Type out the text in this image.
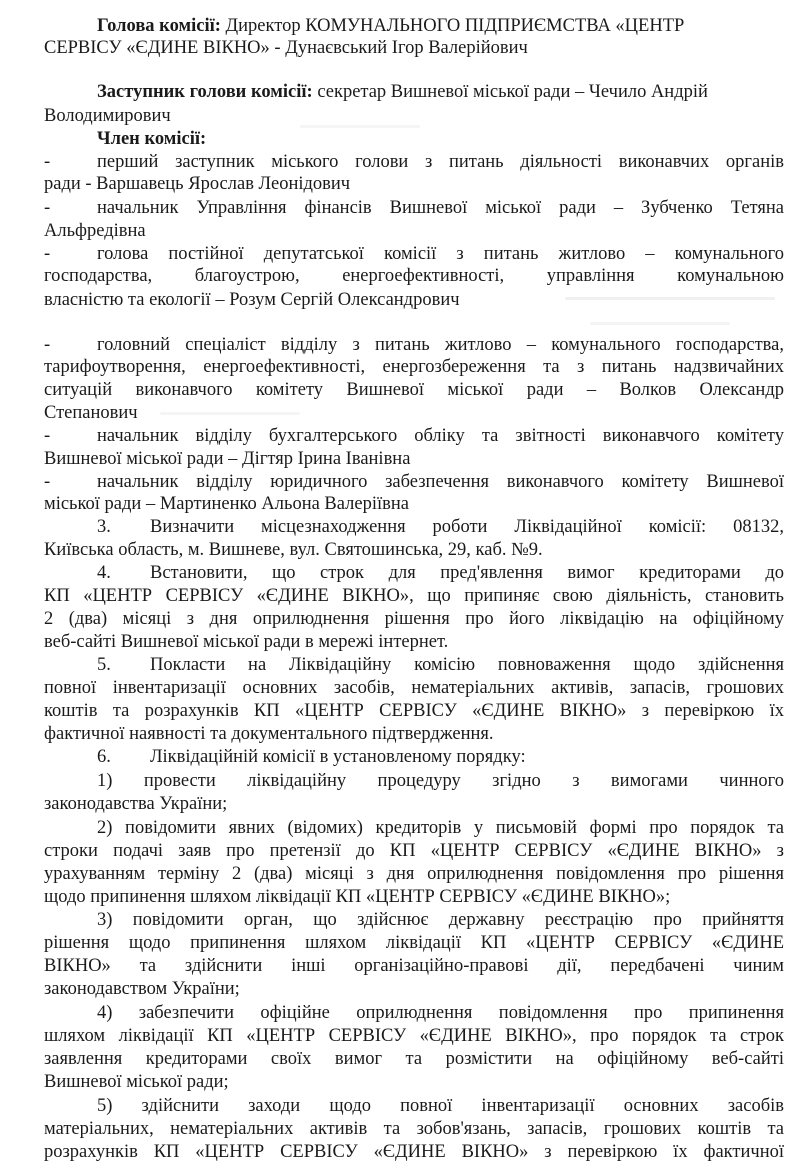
Голова комісії: Директор КОМУНАЛЬНОГО ПІДПРИЄМСТВА «ЦЕНТР
СЕРВІСУ «ЄДИНЕ ВІКНО» - Дунаєвський Ігор Валерійович
Заступник голови комісії: секретар Вишневої міської ради – Чечило Андрій
Володимирович
Член комісії:
-	перший заступник міського голови з питань діяльності виконавчих органів
ради - Варшавець Ярослав Леонідович
-	начальник Управління фінансів Вишневої міської ради – Зубченко Тетяна
Альфредівна
-	голова постійної депутатської комісії з питань житлово – комунального
господарства, благоустрою, енергоефективності, управління комунальною
власністю та екології – Розум Сергій Олександрович
-	головний спеціаліст відділу з питань житлово – комунального господарства,
тарифоутворення, енергоефективності, енергозбереження та з питань надзвичайних
ситуацій виконавчого комітету Вишневої міської ради – Волков Олександр
Степанович
-	начальник відділу бухгалтерського обліку та звітності виконавчого комітету
Вишневої міської ради – Дігтяр Ірина Іванівна
-	начальник відділу юридичного забезпечення виконавчого комітету Вишневої
міської ради – Мартиненко Альона Валеріївна
3. Визначити місцезнаходження роботи Ліквідаційної комісії: 08132,
Київська область, м. Вишневе, вул. Святошинська, 29, каб. №9.
4. Встановити, що строк для пред'явлення вимог кредиторами до
КП «ЦЕНТР СЕРВІСУ «ЄДИНЕ ВІКНО», що припиняє свою діяльність, становить
2 (два) місяці з дня оприлюднення рішення про його ліквідацію на офіційному
веб-сайті Вишневої міської ради в мережі інтернет.
5. Покласти на Ліквідаційну комісію повноваження щодо здійснення
повної інвентаризації основних засобів, нематеріальних активів, запасів, грошових
коштів та розрахунків КП «ЦЕНТР СЕРВІСУ «ЄДИНЕ ВІКНО» з перевіркою їх
фактичної наявності та документального підтвердження.
6. Ліквідаційній комісії в установленому порядку:
1) провести ліквідаційну процедуру згідно з вимогами чинного
законодавства України;
2) повідомити явних (відомих) кредиторів у письмовій формі про порядок та
строки подачі заяв про претензії до КП «ЦЕНТР СЕРВІСУ «ЄДИНЕ ВІКНО» з
урахуванням терміну 2 (два) місяці з дня оприлюднення повідомлення про рішення
щодо припинення шляхом ліквідації КП «ЦЕНТР СЕРВІСУ «ЄДИНЕ ВІКНО»;
3) повідомити орган, що здійснює державну реєстрацію про прийняття
рішення щодо припинення шляхом ліквідації КП «ЦЕНТР СЕРВІСУ «ЄДИНЕ
ВІКНО» та здійснити інші організаційно-правові дії, передбачені чиним
законодавством України;
4) забезпечити офіційне оприлюднення повідомлення про припинення
шляхом ліквідації КП «ЦЕНТР СЕРВІСУ «ЄДИНЕ ВІКНО», про порядок та строк
заявлення кредиторами своїх вимог та розмістити на офіційному веб-сайті
Вишневої міської ради;
5) здійснити заходи щодо повної інвентаризації основних засобів
матеріальних, нематеріальних активів та зобов'язань, запасів, грошових коштів та
розрахунків КП «ЦЕНТР СЕРВІСУ «ЄДИНЕ ВІКНО» з перевіркою їх фактичної
